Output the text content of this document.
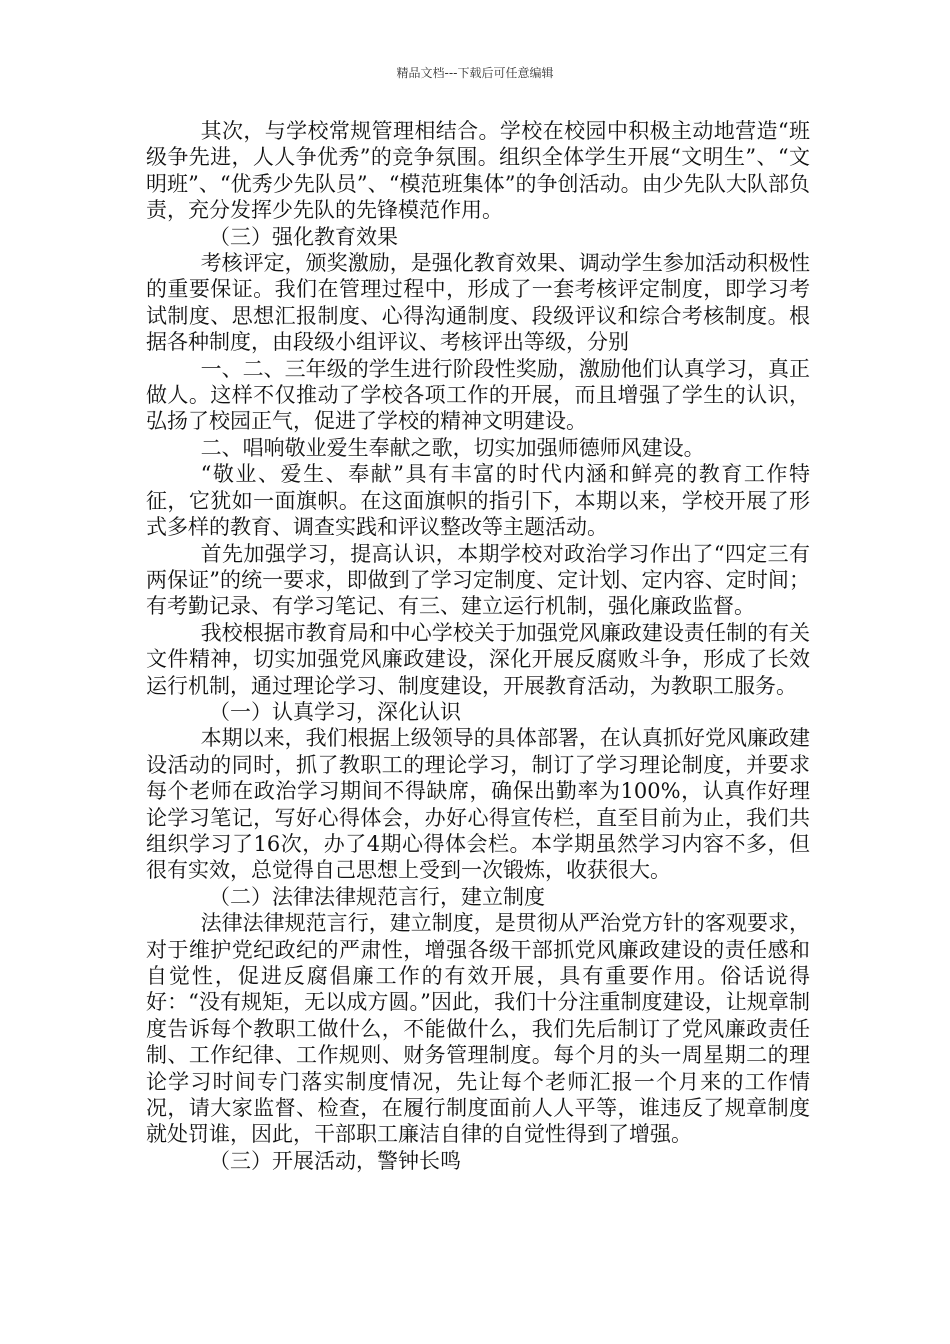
精品文档---下载后可任意编辑

其次，与学校常规管理相结合。学校在校园中积极主动地营造“班级争先进，人人争优秀”的竞争氛围。组织全体学生开展“文明生”、“文明班”、“优秀少先队员”、“模范班集体”的争创活动。由少先队大队部负责，充分发挥少先队的先锋模范作用。

（三）强化教育效果

考核评定，颁奖激励，是强化教育效果、调动学生参加活动积极性的重要保证。我们在管理过程中，形成了一套考核评定制度，即学习考试制度、思想汇报制度、心得沟通制度、段级评议和综合考核制度。根据各种制度，由段级小组评议、考核评出等级，分别

一、二、三年级的学生进行阶段性奖励，激励他们认真学习，真正做人。这样不仅推动了学校各项工作的开展，而且增强了学生的认识，弘扬了校园正气，促进了学校的精神文明建设。

二、唱响敬业爱生奉献之歌，切实加强师德师风建设。

“敬业、爱生、奉献”具有丰富的时代内涵和鲜亮的教育工作特征，它犹如一面旗帜。在这面旗帜的指引下，本期以来，学校开展了形式多样的教育、调查实践和评议整改等主题活动。

首先加强学习，提高认识，本期学校对政治学习作出了“四定三有两保证”的统一要求，即做到了学习定制度、定计划、定内容、定时间；有考勤记录、有学习笔记、有三、建立运行机制，强化廉政监督。

我校根据市教育局和中心学校关于加强党风廉政建设责任制的有关文件精神，切实加强党风廉政建设，深化开展反腐败斗争，形成了长效运行机制，通过理论学习、制度建设，开展教育活动，为教职工服务。

（一）认真学习，深化认识

本期以来，我们根据上级领导的具体部署，在认真抓好党风廉政建设活动的同时，抓了教职工的理论学习，制订了学习理论制度，并要求每个老师在政治学习期间不得缺席，确保出勤率为100%，认真作好理论学习笔记，写好心得体会，办好心得宣传栏，直至目前为止，我们共组织学习了16次，办了4期心得体会栏。本学期虽然学习内容不多，但很有实效，总觉得自己思想上受到一次锻炼，收获很大。

（二）法律法律规范言行，建立制度

法律法律规范言行，建立制度，是贯彻从严治党方针的客观要求，对于维护党纪政纪的严肃性，增强各级干部抓党风廉政建设的责任感和自觉性，促进反腐倡廉工作的有效开展，具有重要作用。俗话说得好：“没有规矩，无以成方圆。”因此，我们十分注重制度建设，让规章制度告诉每个教职工做什么，不能做什么，我们先后制订了党风廉政责任制、工作纪律、工作规则、财务管理制度。每个月的头一周星期二的理论学习时间专门落实制度情况，先让每个老师汇报一个月来的工作情况，请大家监督、检查，在履行制度面前人人平等，谁违反了规章制度就处罚谁，因此，干部职工廉洁自律的自觉性得到了增强。

（三）开展活动，警钟长鸣
